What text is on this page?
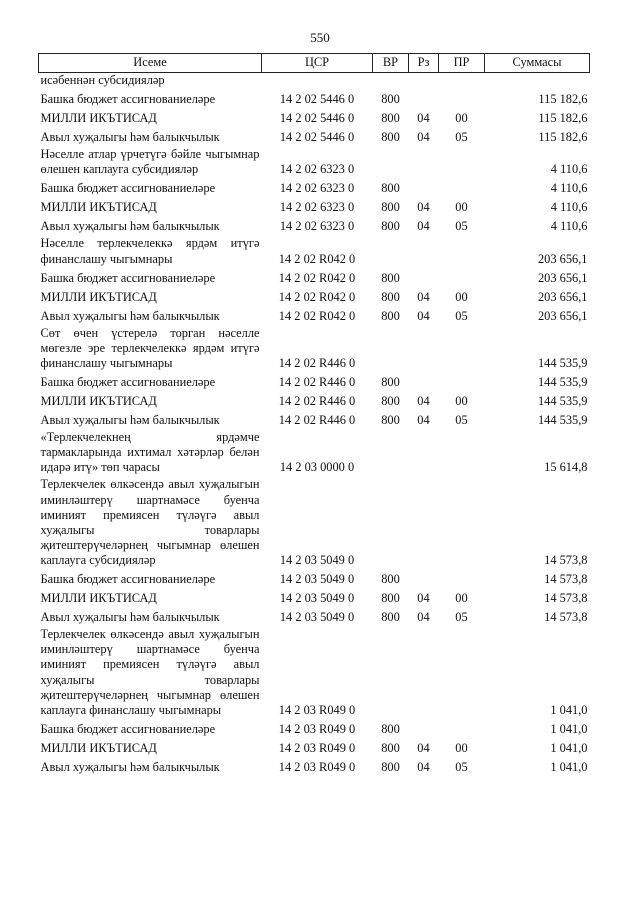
550
Исеме	ЦСР	ВР	Рз	ПР	Суммасы
исәбеннән субсидияләр					
Башка бюджет ассигнованиеләре	14 2 02 5446 0	800			115 182,6
МИЛЛИ ИКЪТИСАД	14 2 02 5446 0	800	04	00	115 182,6
Авыл хуҗалыгы һәм балыкчылык	14 2 02 5446 0	800	04	05	115 182,6
Нәселле атлар үрчетүгә бәйле чыгымнар өлешен каплауга субсидияләр	14 2 02 6323 0				4 110,6
Башка бюджет ассигнованиеләре	14 2 02 6323 0	800			4 110,6
МИЛЛИ ИКЪТИСАД	14 2 02 6323 0	800	04	00	4 110,6
Авыл хуҗалыгы һәм балыкчылык	14 2 02 6323 0	800	04	05	4 110,6
Нәселле терлекчелеккә ярдәм итүгә финанслашу чыгымнары	14 2 02 R042 0				203 656,1
Башка бюджет ассигнованиеләре	14 2 02 R042 0	800			203 656,1
МИЛЛИ ИКЪТИСАД	14 2 02 R042 0	800	04	00	203 656,1
Авыл хуҗалыгы һәм балыкчылык	14 2 02 R042 0	800	04	05	203 656,1
Сөт өчен үстерелә торган нәселле мөгезле эре терлекчелеккә ярдәм итүгә финанслашу чыгымнары	14 2 02 R446 0				144 535,9
Башка бюджет ассигнованиеләре	14 2 02 R446 0	800			144 535,9
МИЛЛИ ИКЪТИСАД	14 2 02 R446 0	800	04	00	144 535,9
Авыл хуҗалыгы һәм балыкчылык	14 2 02 R446 0	800	04	05	144 535,9
«Терлекчелекнең ярдәмче тармакларында ихтимал хәтәрләр белән идарә итү» төп чарасы	14 2 03 0000 0				15 614,8
Терлекчелек өлкәсендә авыл хуҗалыгын иминләштерү шартнамәсе буенча иминият премиясен түләүгә авыл хуҗалыгы товарлары җитештерүчеләрнең чыгымнар өлешен каплауга субсидияләр	14 2 03 5049 0				14 573,8
Башка бюджет ассигнованиеләре	14 2 03 5049 0	800			14 573,8
МИЛЛИ ИКЪТИСАД	14 2 03 5049 0	800	04	00	14 573,8
Авыл хуҗалыгы һәм балыкчылык	14 2 03 5049 0	800	04	05	14 573,8
Терлекчелек өлкәсендә авыл хуҗалыгын иминләштерү шартнамәсе буенча иминият премиясен түләүгә авыл хуҗалыгы товарлары җитештерүчеләрнең чыгымнар өлешен каплауга финанслашу чыгымнары	14 2 03 R049 0				1 041,0
Башка бюджет ассигнованиеләре	14 2 03 R049 0	800			1 041,0
МИЛЛИ ИКЪТИСАД	14 2 03 R049 0	800	04	00	1 041,0
Авыл хуҗалыгы һәм балыкчылык	14 2 03 R049 0	800	04	05	1 041,0
